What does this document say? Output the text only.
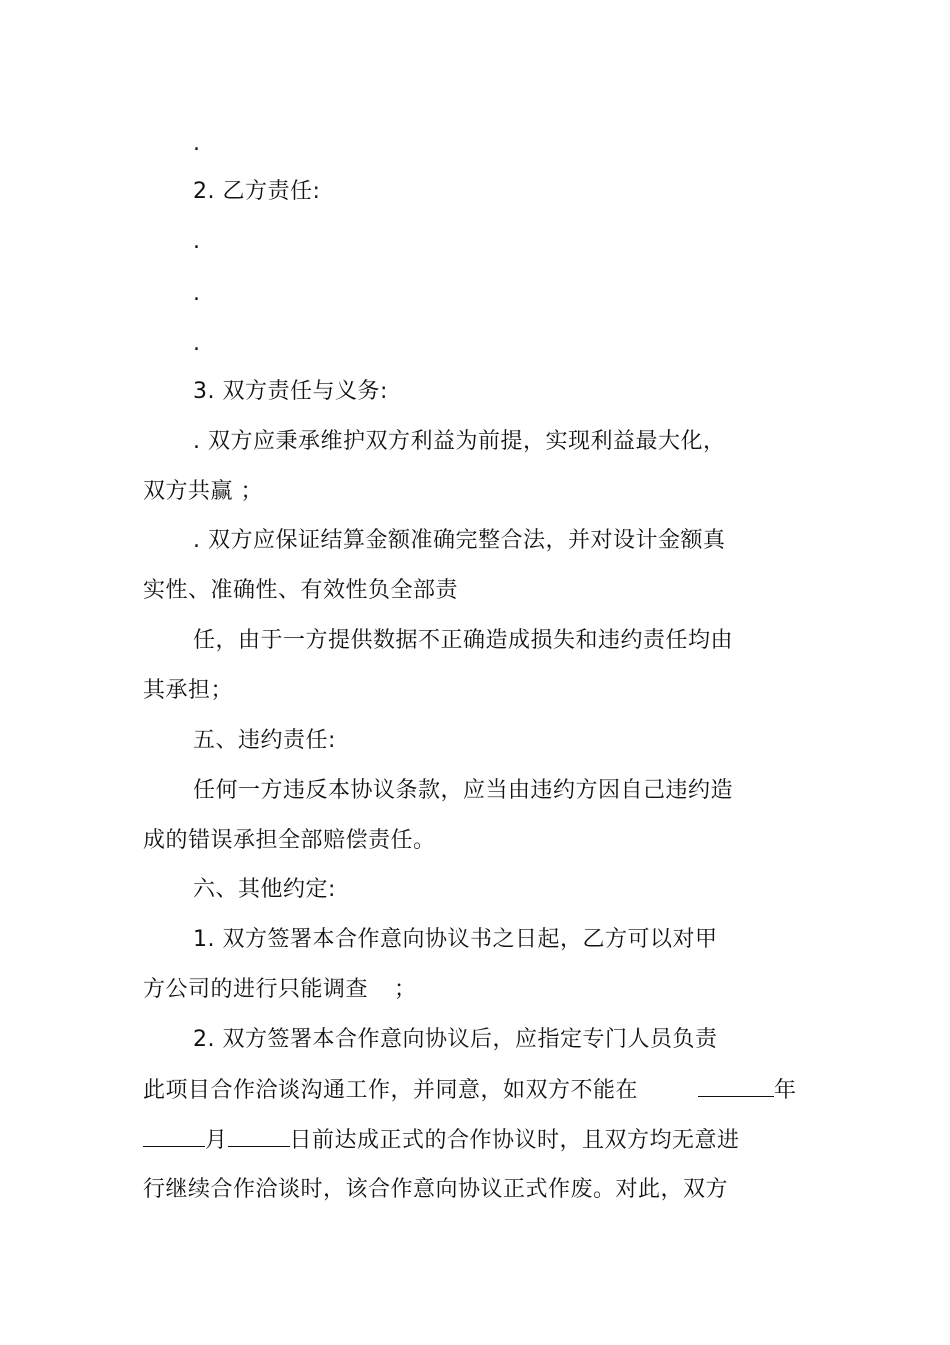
.
2. 乙方责任:
.
.
.
3. 双方责任与义务:
. 双方应秉承维护双方利益为前提，实现利益最大化，
双方共赢 ；
. 双方应保证结算金额准确完整合法，并对设计金额真
实性、准确性、有效性负全部责
任，由于一方提供数据不正确造成损失和违约责任均由
其承担；
五、违约责任:
任何一方违反本协议条款，应当由违约方因自己违约造
成的错误承担全部赔偿责任。
六、其他约定:
1. 双方签署本合作意向协议书之日起，乙方可以对甲
方公司的进行只能调查 ；
2. 双方签署本合作意向协议后，应指定专门人员负责
此项目合作洽谈沟通工作，并同意，如双方不能在	年
月	日前达成正式的合作协议时，且双方均无意进
行继续合作洽谈时，该合作意向协议正式作废。对此，双方
